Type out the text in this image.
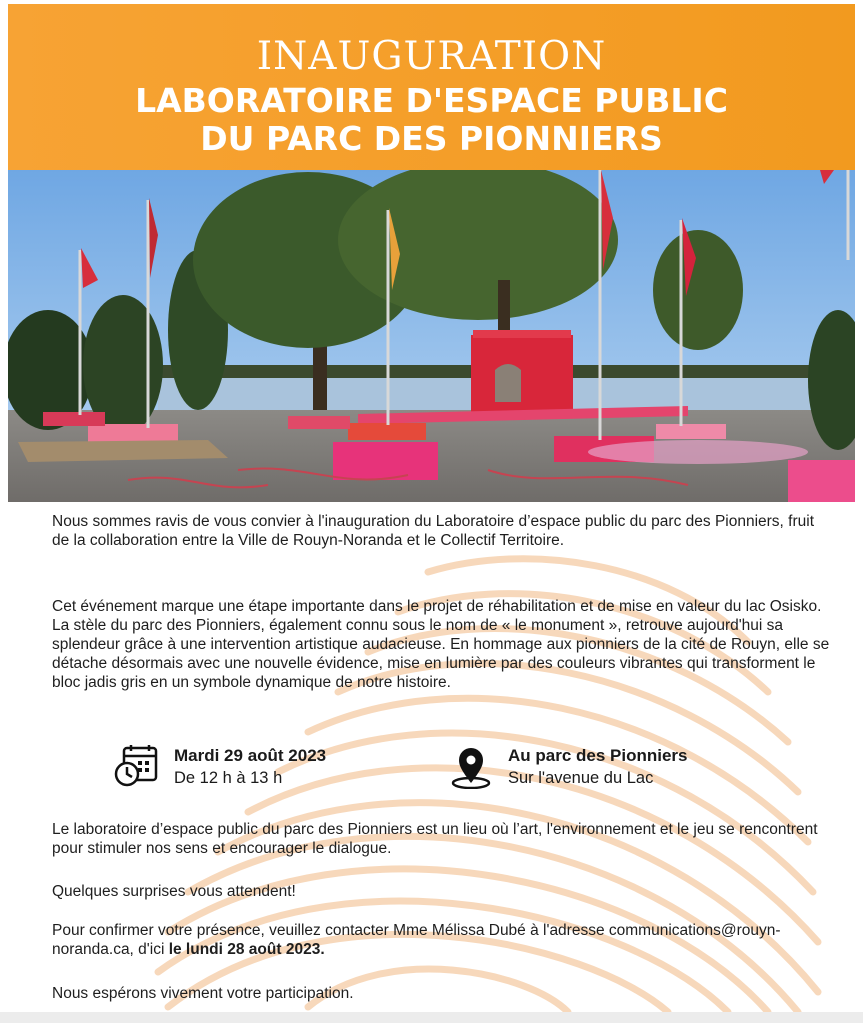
INAUGURATION
LABORATOIRE D'ESPACE PUBLIC
DU PARC DES PIONNIERS
Nous sommes ravis de vous convier à l'inauguration du Laboratoire d’espace public du parc des Pionniers, fruit de la collaboration entre la Ville de Rouyn-Noranda et le Collectif Territoire.
Cet événement marque une étape importante dans le projet de réhabilitation et de mise en valeur du lac Osisko. La stèle du parc des Pionniers, également connu sous le nom de « le monument », retrouve aujourd'hui sa splendeur grâce à une intervention artistique audacieuse. En hommage aux pionniers de la cité de Rouyn, elle se détache désormais avec une nouvelle évidence, mise en lumière par des couleurs vibrantes qui transforment le bloc jadis gris en un symbole dynamique de notre histoire.
Mardi 29 août 2023
De 12 h à 13 h
Au parc des Pionniers
Sur l'avenue du Lac
Le laboratoire d’espace public du parc des Pionniers est un lieu où l’art, l'environnement et le jeu se rencontrent pour stimuler nos sens et encourager le dialogue.
Quelques surprises vous attendent!
Pour confirmer votre présence, veuillez contacter Mme Mélissa Dubé à l'adresse communications@rouyn-noranda.ca, d'ici le lundi 28 août 2023.
Nous espérons vivement votre participation.
